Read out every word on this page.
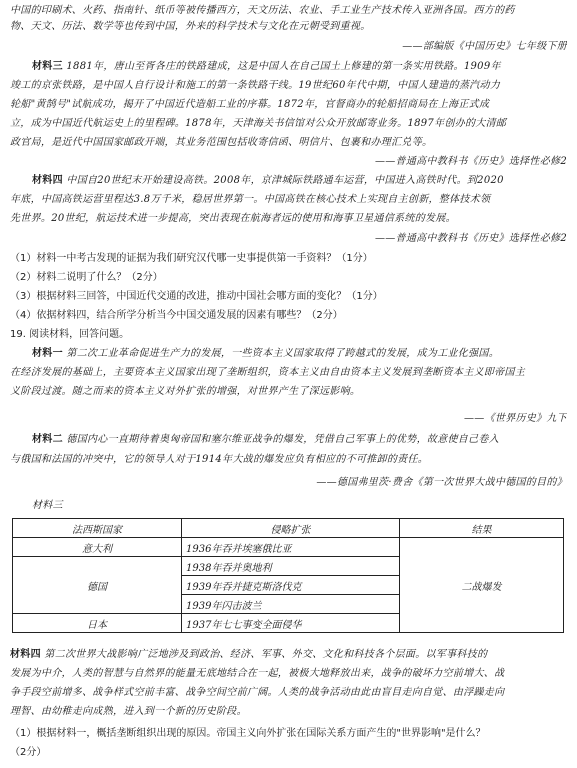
中国的印刷术、火药、指南针、纸币等被传播西方，天文历法、农业、手工业生产技术传入亚洲各国。西方的药
物、天文、历法、数学等也传到中国，外来的科学技术与文化在元朝受到重视。
——部编版《中国历史》七年级下册
材料三 1881年，唐山至胥各庄的铁路建成，这是中国人在自己国土上修建的第一条实用铁路。1909年
竣工的京张铁路，是中国人自行设计和施工的第一条铁路干线。19世纪60年代中期，中国人建造的蒸汽动力
轮船"黄鹄号"试航成功，揭开了中国近代造船工业的序幕。1872年，官督商办的轮船招商局在上海正式成
立，成为中国近代航运史上的里程碑。1878年，天津海关书信馆对公众开放邮寄业务。1897年创办的大清邮
政官局，是近代中国国家邮政开端，其业务范围包括收寄信函、明信片、包裹和办理汇兑等。
——普通高中教科书《历史》选择性必修2
材料四 中国自20世纪末开始建设高铁。2008年，京津城际铁路通车运营，中国进入高铁时代。到2020
年底，中国高铁运营里程达3.8万千米，稳居世界第一。中国高铁在核心技术上实现自主创新，整体技术领
先世界。20世纪，航运技术进一步提高，突出表现在航海者远的使用和海事卫星通信系统的发展。
——普通高中教科书《历史》选择性必修2
（1）材料一中考古发现的证据为我们研究汉代哪一史事提供第一手资料？（1分）
（2）材料二说明了什么？（2分）
（3）根据材料三回答，中国近代交通的改进，推动中国社会哪方面的变化？（1分）
（4）依据材料四，结合所学分析当今中国交通发展的因素有哪些？（2分）
19. 阅读材料，回答问题。
材料一 第二次工业革命促进生产力的发展，一些资本主义国家取得了跨越式的发展，成为工业化强国。
在经济发展的基础上，主要资本主义国家出现了垄断组织，资本主义由自由资本主义发展到垄断资本主义即帝国主
义阶段过渡。随之而来的资本主义对外扩张的增强，对世界产生了深远影响。
——《世界历史》九下
材料二 德国内心一直期待着奥匈帝国和塞尔维亚战争的爆发，凭借自己军事上的优势，故意使自己卷入
与俄国和法国的冲突中，它的领导人对于1914年大战的爆发应负有相应的不可推卸的责任。
——德国弗里茨·费舍《第一次世界大战中德国的目的》
材料三
法西斯国家	侵略扩张	结果
意大利	1936年吞并埃塞俄比亚	二战爆发
德国	1938年吞并奥地利	
	1939年吞并捷克斯洛伐克	
	1939年闪击波兰	
日本	1937年七七事变全面侵华	
材料四 第二次世界大战影响广泛地涉及到政治、经济、军事、外交、文化和科技各个层面。以军事科技的
发展为中介，人类的智慧与自然界的能量无底地结合在一起，被极大地释放出来，战争的破坏力空前增大、战
争手段空前增多、战争样式空前丰富、战争空间空前广阔。人类的战争活动由此由盲目走向自觉、由浮躁走向
理智、由幼稚走向成熟，进入到一个新的历史阶段。
（1）根据材料一，概括垄断组织出现的原因。帝国主义向外扩张在国际关系方面产生的"世界影响"是什么？
（2分）
